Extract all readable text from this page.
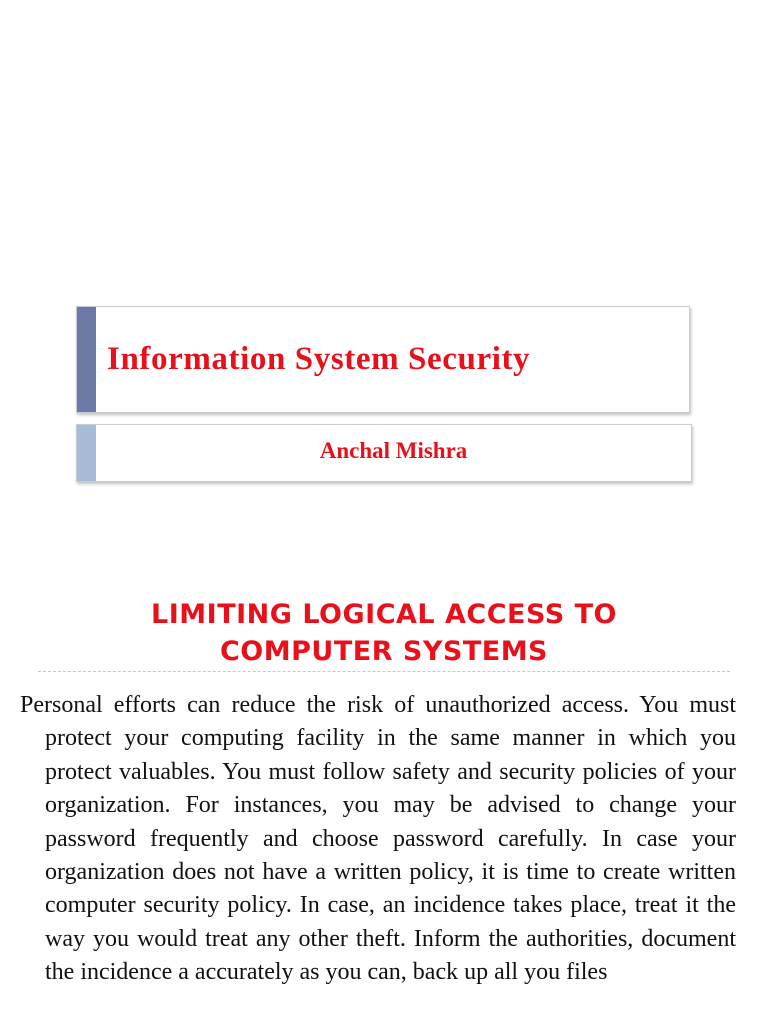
Information System Security
Anchal Mishra
LIMITING LOGICAL ACCESS TO
COMPUTER SYSTEMS

Personal efforts can reduce the risk of unauthorized access. You must protect your computing facility in the same manner in which you protect valuables. You must follow safety and security policies of your organization. For instances, you may be advised to change your password frequently and choose password carefully. In case your organization does not have a written policy, it is time to create written computer security policy. In case, an incidence takes place, treat it the way you would treat any other theft. Inform the authorities, document the incidence a accurately as you can, back up all you files
